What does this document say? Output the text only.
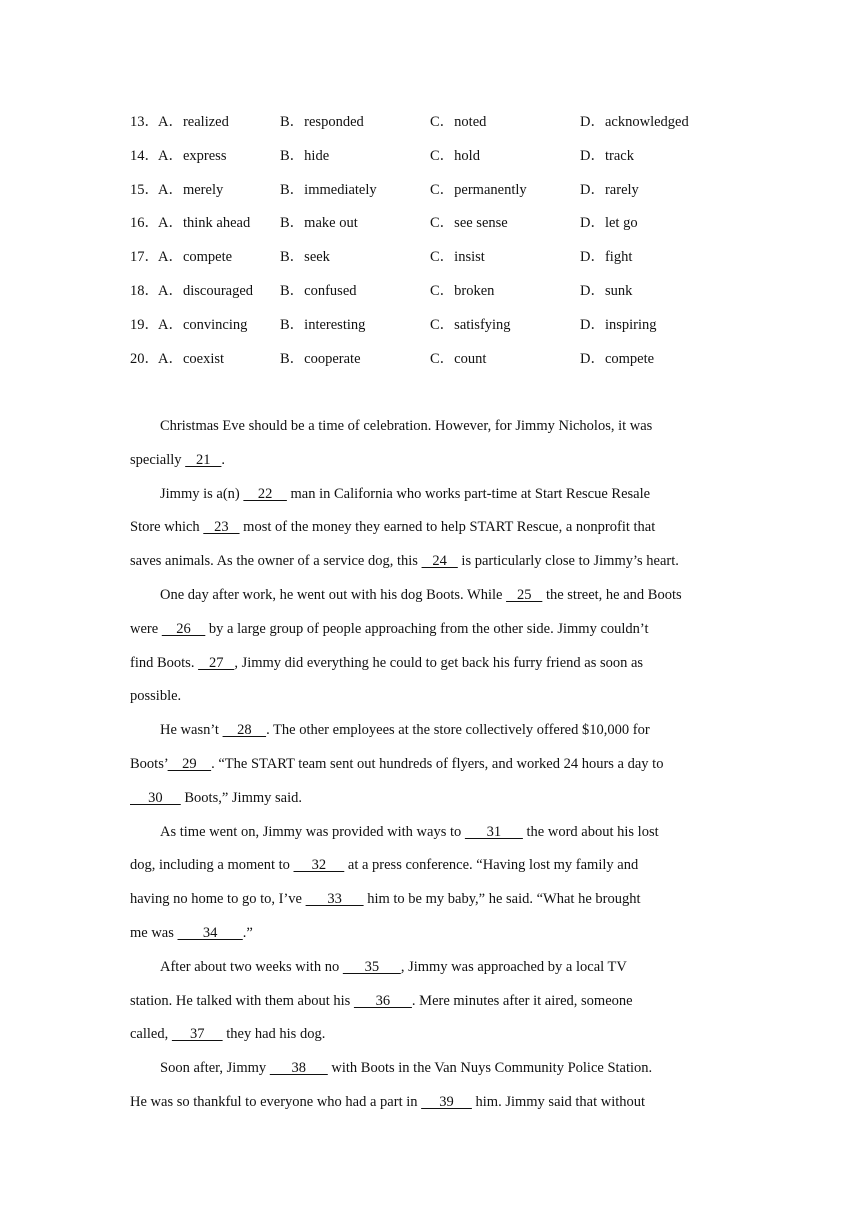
13． A．realized	B．responded	C．noted	D．acknowledged
14． A．express	B．hide	C．hold	D．track
15． A．merely	B．immediately	C．permanently	D．rarely
16． A．think ahead B．make out	C．see sense	D．let go
17． A．compete	B．seek	C．insist	D．fight
18． A．discouraged B．confused	C．broken	D．sunk
19． A．convincing B．interesting	C．satisfying	D．inspiring
20． A．coexist	B．cooperate	C．count	D．compete
Christmas Eve should be a time of celebration. However, for Jimmy Nicholos, it was
specially    21   .
Jimmy is a(n)     22     man in California who works part-time at Start Rescue Resale
Store which    23    most of the money they earned to help START Rescue, a nonprofit that
saves animals. As the owner of a service dog, this    24    is particularly close to Jimmy’s heart.
One day after work, he went out with his dog Boots. While    25    the street, he and Boots
were     26     by a large group of people approaching from the other side. Jimmy couldn’t
find Boots.    27   , Jimmy did everything he could to get back his furry friend as soon as
possible.
He wasn’t     28    . The other employees at the store collectively offered $10,000 for
Boots’    29    . “The START team sent out hundreds of flyers, and worked 24 hours a day to
30      Boots,” Jimmy said.
As time went on, Jimmy was provided with ways to       31       the word about his lost
dog, including a moment to      32      at a press conference. “Having lost my family and
having no home to go to, I’ve       33       him to be my baby,” he said. “What he brought
me was        34       .”
After about two weeks with no       35      , Jimmy was approached by a local TV
station. He talked with them about his       36      . Mere minutes after it aired, someone
called,      37      they had his dog.
Soon after, Jimmy       38       with Boots in the Van Nuys Community Police Station.
He was so thankful to everyone who had a part in      39      him. Jimmy said that without
